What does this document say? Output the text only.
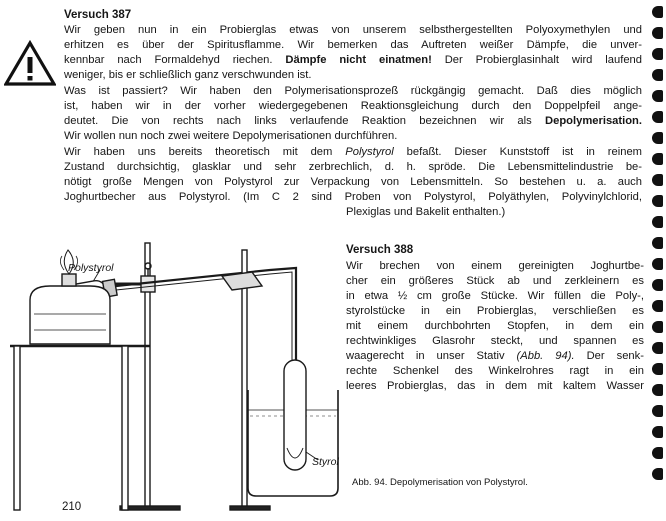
Versuch 387
Wir geben nun in ein Probierglas etwas von unserem selbsthergestellten Polyoxymethylen und
erhitzen es über der Spiritusflamme. Wir bemerken das Auftreten weißer Dämpfe, die unver-
kennbar nach Formaldehyd riechen. Dämpfe nicht einatmen! Der Probierglasinhalt wird laufend
weniger, bis er schließlich ganz verschwunden ist.
Was ist passiert? Wir haben den Polymerisationsprozeß rückgängig gemacht. Daß dies möglich
ist, haben wir in der vorher wiedergegebenen Reaktionsgleichung durch den Doppelpfeil ange-
deutet. Die von rechts nach links verlaufende Reaktion bezeichnen wir als Depolymerisation.
Wir wollen nun noch zwei weitere Depolymerisationen durchführen.
Wir haben uns bereits theoretisch mit dem Polystyrol befaßt. Dieser Kunststoff ist in reinem
Zustand durchsichtig, glasklar und sehr zerbrechlich, d. h. spröde. Die Lebensmittelindustrie be-
nötigt große Mengen von Polystyrol zur Verpackung von Lebensmitteln. So bestehen u. a. auch
Joghurtbecher aus Polystyrol. (Im C 2 sind Proben von Polystyrol, Polyäthylen, Polyvinylchlorid,
Plexiglas und Bakelit enthalten.)
Versuch 388
Wir brechen von einem gereinigten Joghurtbe-
cher ein größeres Stück ab und zerkleinern es
in etwa ½ cm große Stücke. Wir füllen die Poly-,
styrolstücke in ein Probierglas, verschließen es
mit einem durchbohrten Stopfen, in dem ein
rechtwinkliges Glasrohr steckt, und spannen es
waagerecht in unser Stativ (Abb. 94). Der senk-
rechte Schenkel des Winkelrohres ragt in ein
leeres Probierglas, das in dem mit kaltem Wasser
Polystyrol
Styrol
Abb. 94. Depolymerisation von Polystyrol.
210
